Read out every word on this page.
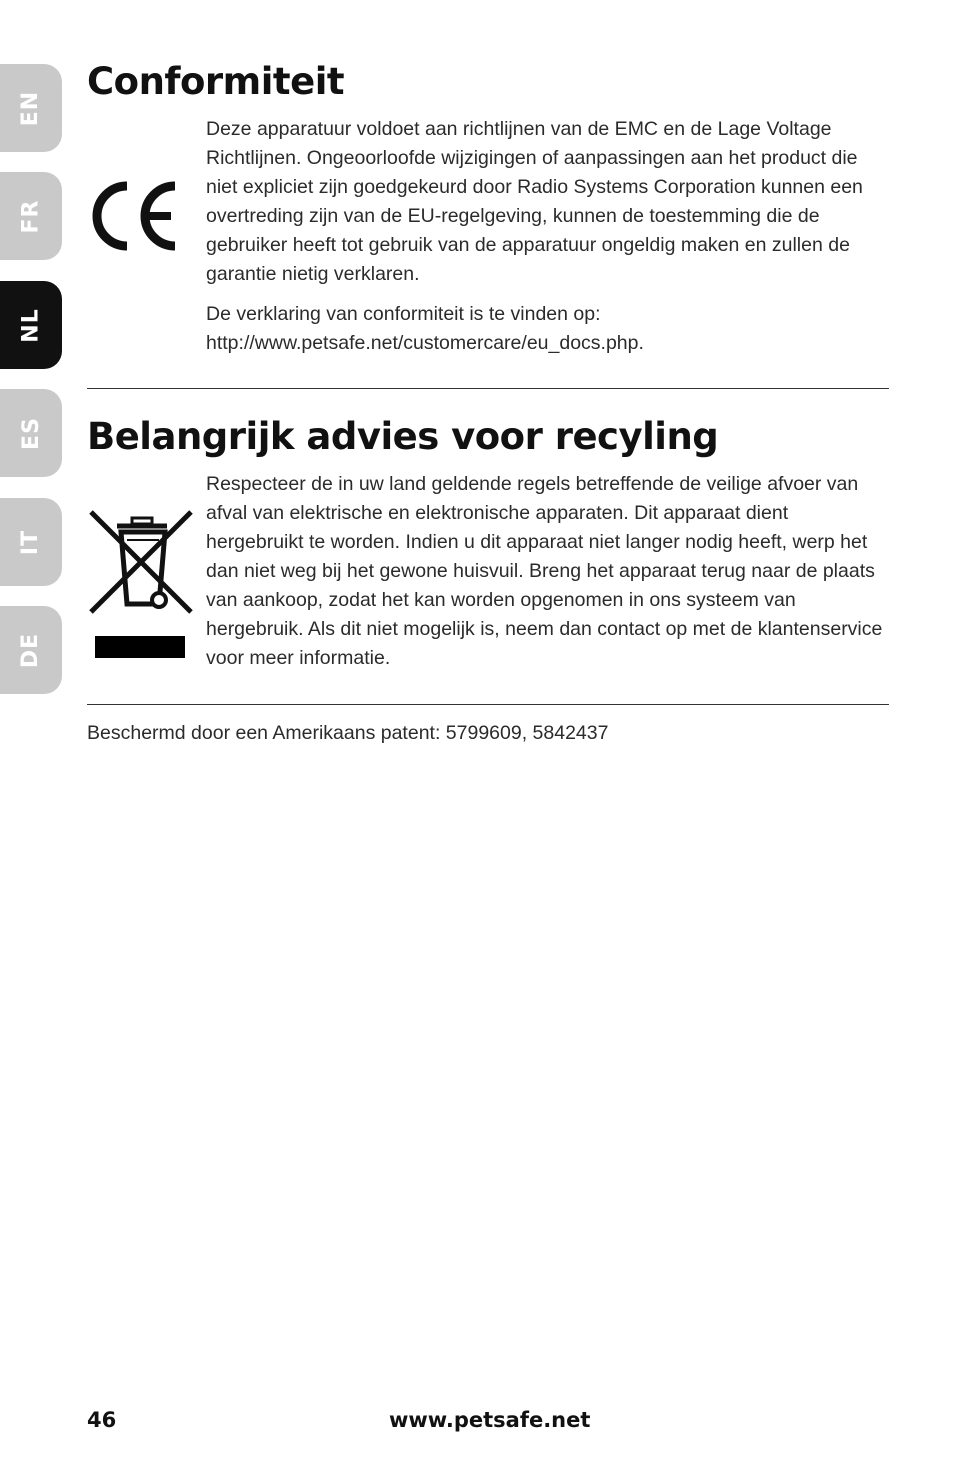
EN
FR
NL
ES
IT
DE
Conformiteit

Deze apparatuur voldoet aan richtlijnen van de EMC en de Lage Voltage Richtlijnen. Ongeoorloofde wijzigingen of aanpassingen aan het product die niet expliciet zijn goedgekeurd door Radio Systems Corporation kunnen een overtreding zijn van de EU-regelgeving, kunnen de toestemming die de gebruiker heeft tot gebruik van de apparatuur ongeldig maken en zullen de garantie nietig verklaren.

De verklaring van conformiteit is te vinden op:

http://www.petsafe.net/customercare/eu_docs.php.

Belangrijk advies voor recyling

Respecteer de in uw land geldende regels betreffende de veilige afvoer van afval van elektrische en elektronische apparaten. Dit apparaat dient hergebruikt te worden. Indien u dit apparaat niet langer nodig heeft, werp het dan niet weg bij het gewone huisvuil. Breng het apparaat terug naar de plaats van aankoop, zodat het kan worden opgenomen in ons systeem van hergebruik. Als dit niet mogelijk is, neem dan contact op met de klantenservice voor meer informatie.

Beschermd door een Amerikaans patent: 5799609, 5842437
46	www.petsafe.net
